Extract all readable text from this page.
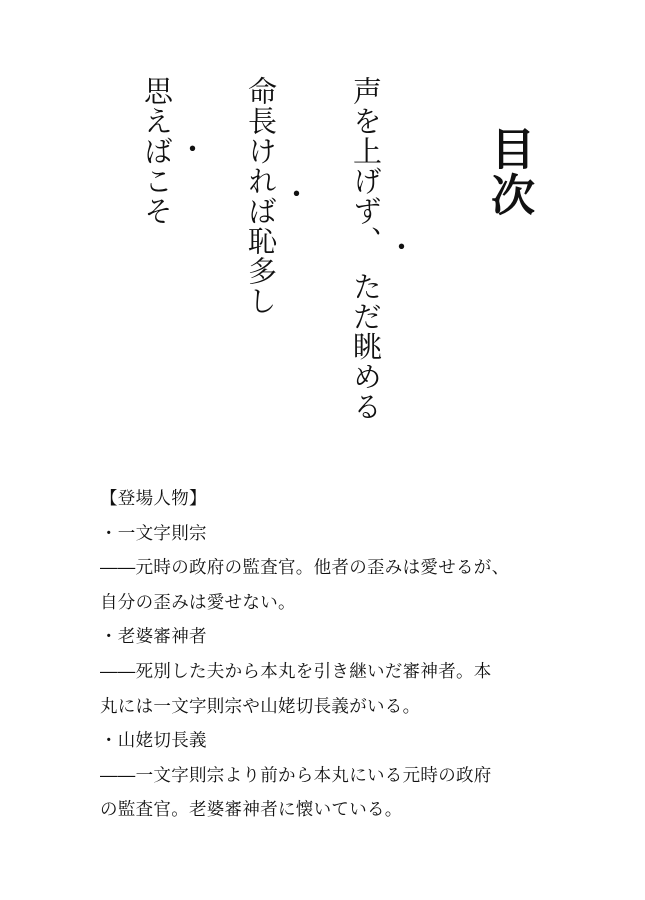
目次
・
声を上げず、　ただ眺める
・
命長ければ恥多し
・
思えばこそ

【登場人物】

・一文字則宗

――元時の政府の監査官。他者の歪みは愛せるが、

自分の歪みは愛せない。

・老婆審神者

――死別した夫から本丸を引き継いだ審神者。本

丸には一文字則宗や山姥切長義がいる。

・山姥切長義

――一文字則宗より前から本丸にいる元時の政府

の監査官。老婆審神者に懐いている。
